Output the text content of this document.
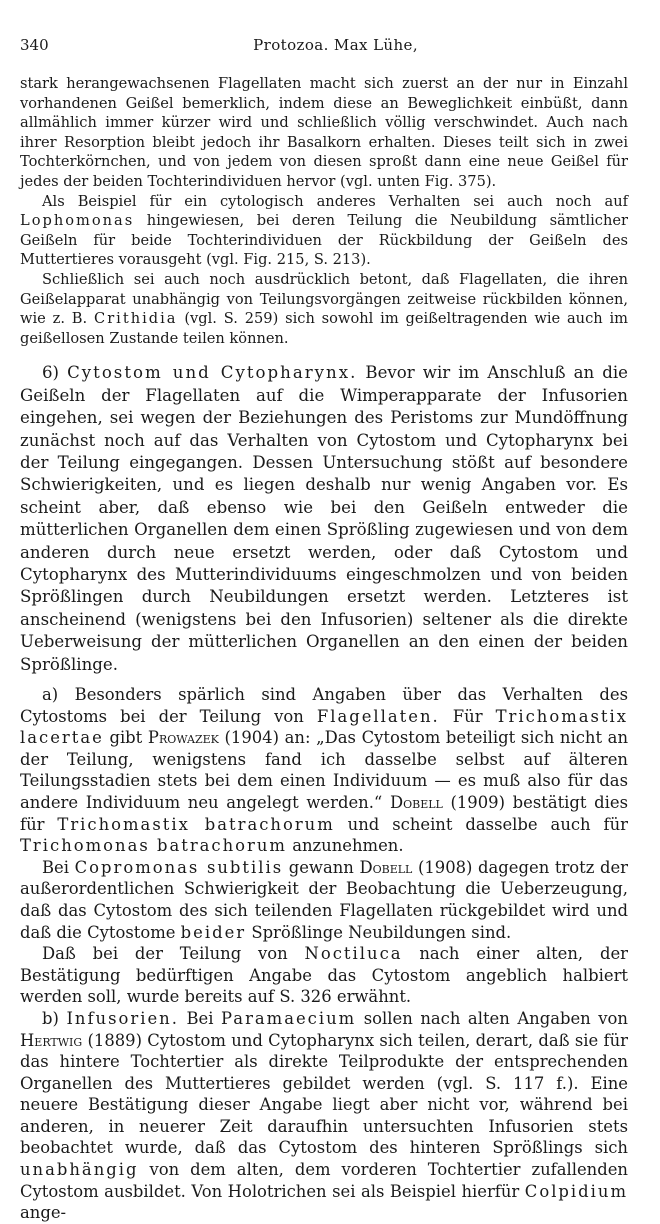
340	Protozoa. Max Lühe,

stark herangewachsenen Flagellaten macht sich zuerst an der nur in Einzahl vorhandenen Geißel bemerklich, indem diese an Beweglichkeit einbüßt, dann allmählich immer kürzer wird und schließlich völlig verschwindet. Auch nach ihrer Resorption bleibt jedoch ihr Basalkorn erhalten. Dieses teilt sich in zwei Tochterkörnchen, und von jedem von diesen sproßt dann eine neue Geißel für jedes der beiden Tochterindividuen hervor (vgl. unten Fig. 375).

Als Beispiel für ein cytologisch anderes Verhalten sei auch noch auf Lophomonas hingewiesen, bei deren Teilung die Neubildung sämtlicher Geißeln für beide Tochterindividuen der Rückbildung der Geißeln des Muttertieres vorausgeht (vgl. Fig. 215, S. 213).

Schließlich sei auch noch ausdrücklich betont, daß Flagellaten, die ihren Geißelapparat unabhängig von Teilungsvorgängen zeitweise rückbilden können, wie z. B. Crithidia (vgl. S. 259) sich sowohl im geißeltragenden wie auch im geißellosen Zustande teilen können.

6) Cytostom und Cytopharynx. Bevor wir im Anschluß an die Geißeln der Flagellaten auf die Wimperapparate der Infusorien eingehen, sei wegen der Beziehungen des Peristoms zur Mundöffnung zunächst noch auf das Verhalten von Cytostom und Cytopharynx bei der Teilung eingegangen. Dessen Untersuchung stößt auf besondere Schwierigkeiten, und es liegen deshalb nur wenig Angaben vor. Es scheint aber, daß ebenso wie bei den Geißeln entweder die mütterlichen Organellen dem einen Sprößling zugewiesen und von dem anderen durch neue ersetzt werden, oder daß Cytostom und Cytopharynx des Mutterindividuums eingeschmolzen und von beiden Sprößlingen durch Neubildungen ersetzt werden. Letzteres ist anscheinend (wenigstens bei den Infusorien) seltener als die direkte Ueberweisung der mütterlichen Organellen an den einen der beiden Sprößlinge.

a) Besonders spärlich sind Angaben über das Verhalten des Cytostoms bei der Teilung von Flagellaten. Für Trichomastix lacertae gibt Prowazek (1904) an: „Das Cytostom beteiligt sich nicht an der Teilung, wenigstens fand ich dasselbe selbst auf älteren Teilungsstadien stets bei dem einen Individuum — es muß also für das andere Individuum neu angelegt werden.“ Dobell (1909) bestätigt dies für Trichomastix batrachorum und scheint dasselbe auch für Trichomonas batrachorum anzunehmen.

Bei Copromonas subtilis gewann Dobell (1908) dagegen trotz der außerordentlichen Schwierigkeit der Beobachtung die Ueberzeugung, daß das Cytostom des sich teilenden Flagellaten rückgebildet wird und daß die Cytostome beider Sprößlinge Neubildungen sind.

Daß bei der Teilung von Noctiluca nach einer alten, der Bestätigung bedürftigen Angabe das Cytostom angeblich halbiert werden soll, wurde bereits auf S. 326 erwähnt.

b) Infusorien. Bei Paramaecium sollen nach alten Angaben von Hertwig (1889) Cytostom und Cytopharynx sich teilen, derart, daß sie für das hintere Tochtertier als direkte Teilprodukte der entsprechenden Organellen des Muttertieres gebildet werden (vgl. S. 117 f.). Eine neuere Bestätigung dieser Angabe liegt aber nicht vor, während bei anderen, in neuerer Zeit daraufhin untersuchten Infusorien stets beobachtet wurde, daß das Cytostom des hinteren Sprößlings sich unabhängig von dem alten, dem vorderen Tochtertier zufallenden Cytostom ausbildet. Von Holotrichen sei als Beispiel hierfür Colpidium ange-
